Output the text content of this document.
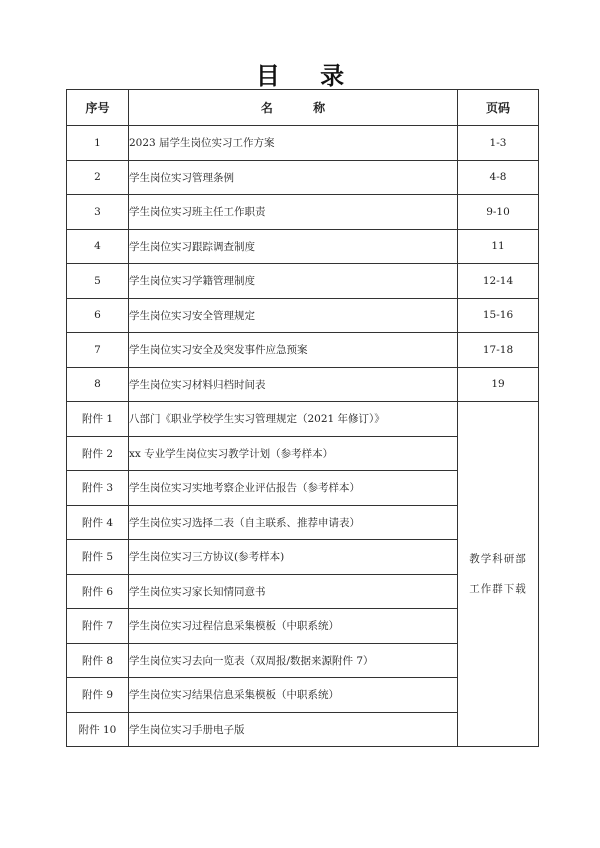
目 录
序号	名 称	页码
1	2023 届学生岗位实习工作方案	1-3
2	学生岗位实习管理条例	4-8
3	学生岗位实习班主任工作职责	9-10
4	学生岗位实习跟踪调查制度	11
5	学生岗位实习学籍管理制度	12-14
6	学生岗位实习安全管理规定	15-16
7	学生岗位实习安全及突发事件应急预案	17-18
8	学生岗位实习材料归档时间表	19
附件 1	八部门《职业学校学生实习管理规定（2021 年修订）》	教学科研部
工作群下载

附件 2	xx 专业学生岗位实习教学计划（参考样本）	
附件 3	学生岗位实习实地考察企业评估报告（参考样本）	
附件 4	学生岗位实习选择二表（自主联系、推荐申请表）	
附件 5	学生岗位实习三方协议(参考样本)	
附件 6	学生岗位实习家长知情同意书	
附件 7	学生岗位实习过程信息采集模板（中职系统）	
附件 8	学生岗位实习去向一览表（双周报/数据来源附件 7）	
附件 9	学生岗位实习结果信息采集模板（中职系统）	
附件 10	学生岗位实习手册电子版	
